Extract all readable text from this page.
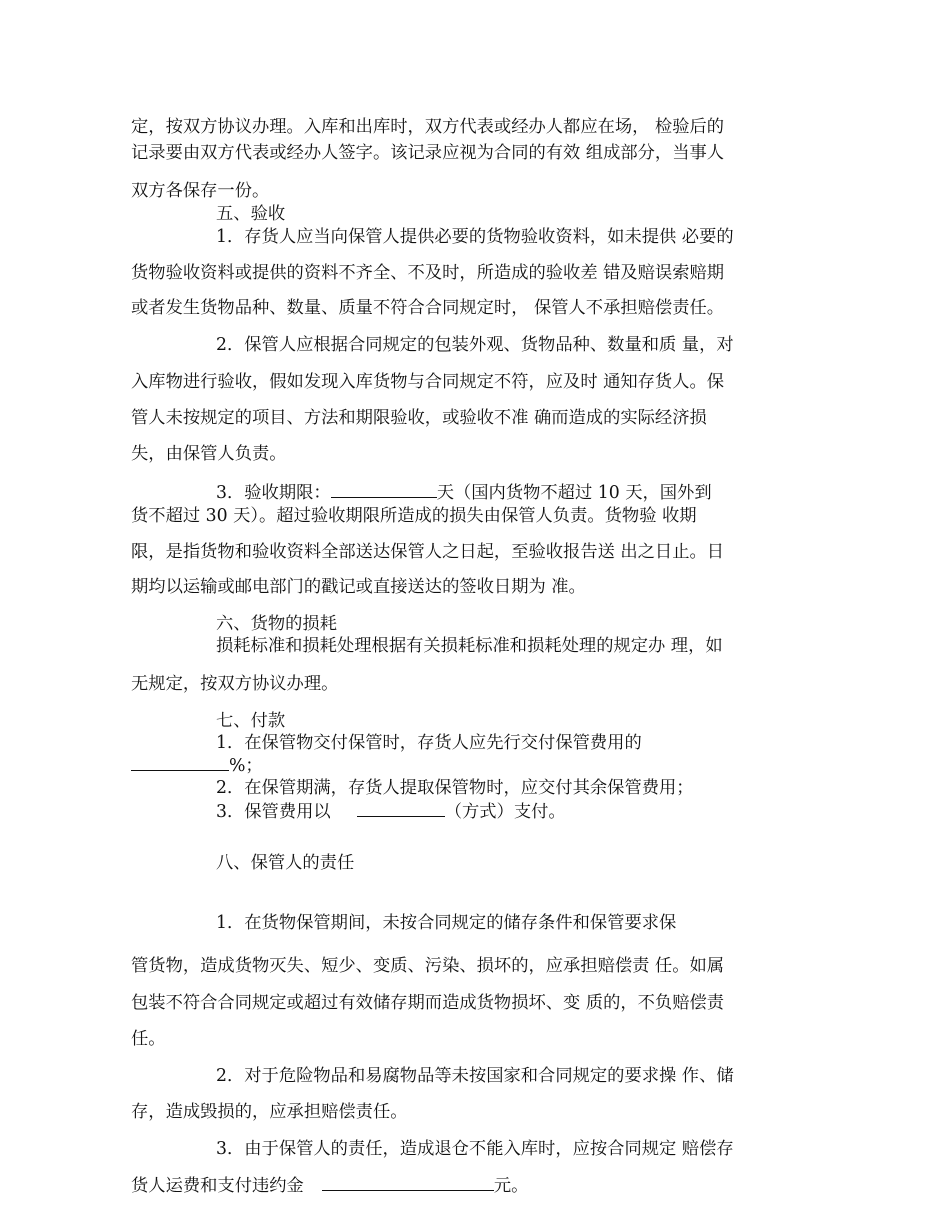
定，按双方协议办理。入库和出库时，双方代表或经办人都应在场， 检验后的

记录要由双方代表或经办人签字。该记录应视为合同的有效 组成部分，当事人

双方各保存一份。

五、验收

1．存货人应当向保管人提供必要的货物验收资料，如未提供 必要的

货物验收资料或提供的资料不齐全、不及时，所造成的验收差 错及赔误索赔期

或者发生货物品种、数量、质量不符合合同规定时， 保管人不承担赔偿责任。

2．保管人应根据合同规定的包装外观、货物品种、数量和质 量，对

入库物进行验收，假如发现入库货物与合同规定不符，应及时 通知存货人。保

管人未按规定的项目、方法和期限验收，或验收不准 确而造成的实际经济损

失，由保管人负责。

3．验收期限：	天（国内货物不超过 10 天，国外到

货不超过 30 天）。超过验收期限所造成的损失由保管人负责。货物验 收期

限，是指货物和验收资料全部送达保管人之日起，至验收报告送 出之日止。日

期均以运输或邮电部门的戳记或直接送达的签收日期为 准。

六、货物的损耗

损耗标准和损耗处理根据有关损耗标准和损耗处理的规定办 理，如

无规定，按双方协议办理。

七、付款

1．在保管物交付保管时，存货人应先行交付保管费用的

%；

2．在保管期满，存货人提取保管物时，应交付其余保管费用；

3．保管费用以	（方式）支付。

八、保管人的责任

1．在货物保管期间，未按合同规定的储存条件和保管要求保

管货物，造成货物灭失、短少、变质、污染、损坏的，应承担赔偿责 任。如属

包装不符合合同规定或超过有效储存期而造成货物损坏、变 质的，不负赔偿责

任。

2．对于危险物品和易腐物品等未按国家和合同规定的要求操 作、储

存，造成毁损的，应承担赔偿责任。

3．由于保管人的责任，造成退仓不能入库时，应按合同规定 赔偿存

货人运费和支付违约金	元。
